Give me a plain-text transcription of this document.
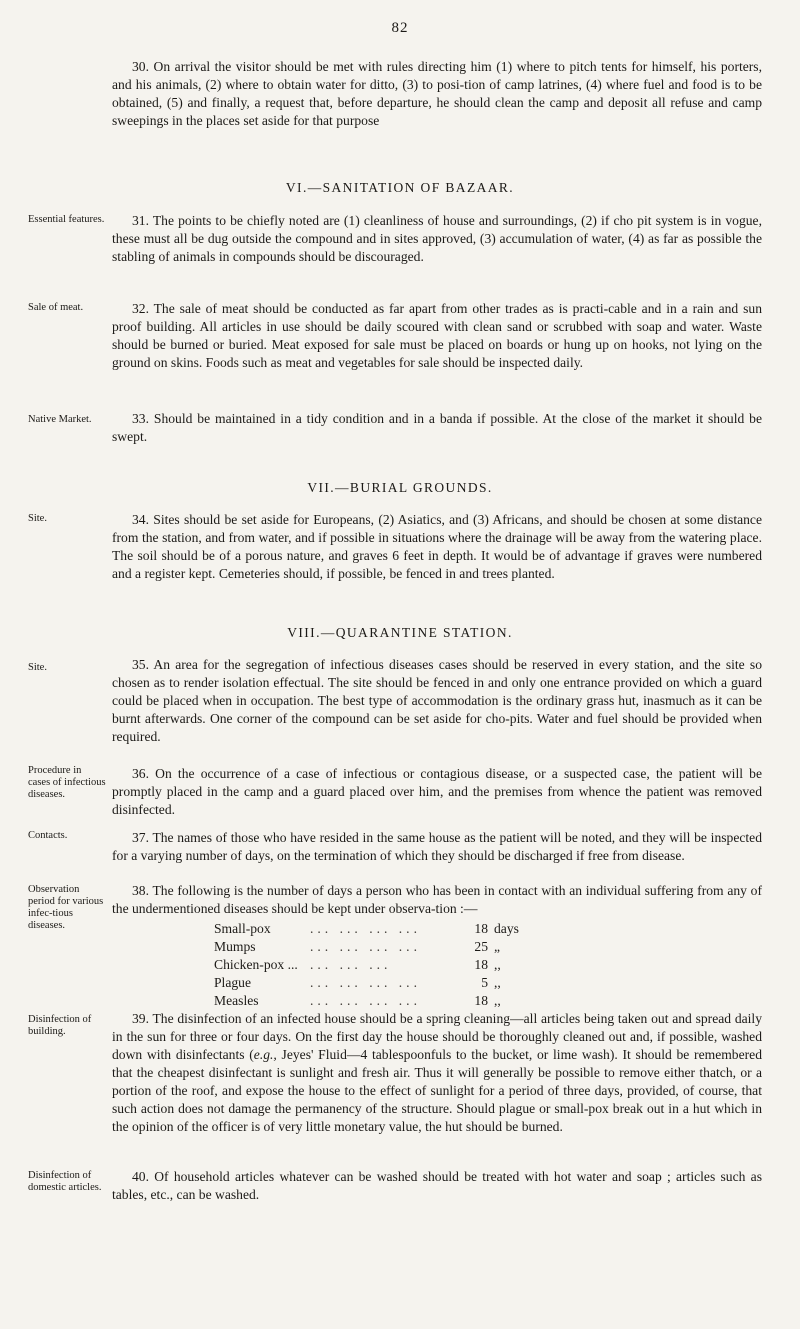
82

30. On arrival the visitor should be met with rules directing him (1) where to pitch tents for himself, his porters, and his animals, (2) where to obtain water for ditto, (3) to posi-tion of camp latrines, (4) where fuel and food is to be obtained, (5) and finally, a request that, before departure, he should clean the camp and deposit all refuse and camp sweepings in the places set aside for that purpose

VI.—SANITATION OF BAZAAR.
Essential features.	31. The points to be chiefly noted are (1) cleanliness of house and surroundings, (2) if cho pit system is in vogue, these must all be dug outside the compound and in sites approved, (3) accumulation of water, (4) as far as possible the stabling of animals in compounds should be discouraged.

Sale of meat.	32. The sale of meat should be conducted as far apart from other trades as is practi-cable and in a rain and sun proof building. All articles in use should be daily scoured with clean sand or scrubbed with soap and water. Waste should be burned or buried. Meat exposed for sale must be placed on boards or hung up on hooks, not lying on the ground on skins. Foods such as meat and vegetables for sale should be inspected daily.

Native Market.	33. Should be maintained in a tidy condition and in a banda if possible. At the close of the market it should be swept.

VII.—BURIAL GROUNDS.
Site.	34. Sites should be set aside for Europeans, (2) Asiatics, and (3) Africans, and should be chosen at some distance from the station, and from water, and if possible in situations where the drainage will be away from the watering place. The soil should be of a porous nature, and graves 6 feet in depth. It would be of advantage if graves were numbered and a register kept. Cemeteries should, if possible, be fenced in and trees planted.

VIII.—QUARANTINE STATION.
Site.	35. An area for the segregation of infectious diseases cases should be reserved in every station, and the site so chosen as to render isolation effectual. The site should be fenced in and only one entrance provided on which a guard could be placed when in occupation. The best type of accommodation is the ordinary grass hut, inasmuch as it can be burnt afterwards. One corner of the compound can be set aside for cho-pits. Water and fuel should be provided when required.

Procedure in cases of infectious diseases.

36. On the occurrence of a case of infectious or contagious disease, or a suspected case, the patient will be promptly placed in the camp and a guard placed over him, and the premises from whence the patient was removed disinfected.

Contacts.	37. The names of those who have resided in the same house as the patient will be noted, and they will be inspected for a varying number of days, on the termination of which they should be discharged if free from disease.

Observation period for various infec-tious diseases.

38. The following is the number of days a person who has been in contact with an individual suffering from any of the undermentioned diseases should be kept under observa-tion :—

Small-pox	... ... ... ...	18 days
Mumps	... ... ... ...	25 „
Chicken-pox ... ... ... ...	18 ,,
Plague	... ... ... ...	5 ,,
Measles	... ... ... ...	18 ,,
Disinfection of building.

39. The disinfection of an infected house should be a spring cleaning—all articles being taken out and spread daily in the sun for three or four days. On the first day the house should be thoroughly cleaned out and, if possible, washed down with disinfectants (e.g., Jeyes' Fluid—4 tablespoonfuls to the bucket, or lime wash). It should be remembered that the cheapest disinfectant is sunlight and fresh air. Thus it will generally be possible to remove either thatch, or a portion of the roof, and expose the house to the effect of sunlight for a period of three days, provided, of course, that such action does not damage the permanency of the structure. Should plague or small-pox break out in a hut which in the opinion of the officer is of very little monetary value, the hut should be burned.

Disinfection of domestic articles.

40. Of household articles whatever can be washed should be treated with hot water and soap ; articles such as tables, etc., can be washed.
